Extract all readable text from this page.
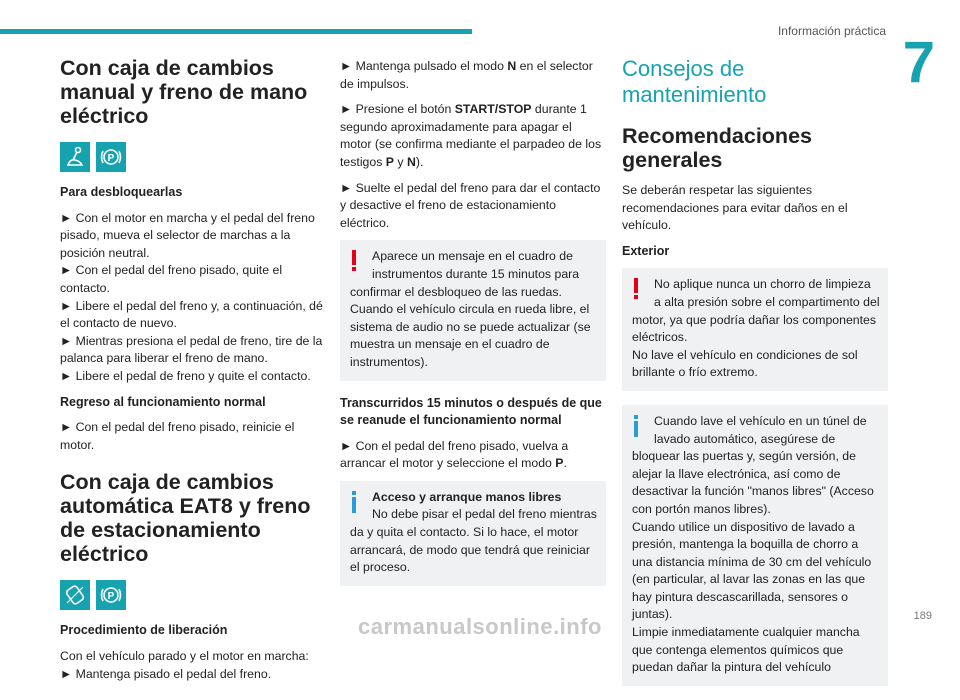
Información práctica 7
Con caja de cambios manual y freno de mano eléctrico
P
Para desbloquearlas

► Con el motor en marcha y el pedal del freno pisado, mueva el selector de marchas a la posición neutral.
► Con el pedal del freno pisado, quite el contacto.
► Libere el pedal del freno y, a continuación, dé el contacto de nuevo.
► Mientras presiona el pedal de freno, tire de la palanca para liberar el freno de mano.
► Libere el pedal de freno y quite el contacto.

Regreso al funcionamiento normal

► Con el pedal del freno pisado, reinicie el motor.

Con caja de cambios automática EAT8 y freno de estacionamiento eléctrico
P
Procedimiento de liberación

Con el vehículo parado y el motor en marcha:
► Mantenga pisado el pedal del freno.

► Mantenga pulsado el modo N en el selector de impulsos.

► Presione el botón START/STOP durante 1 segundo aproximadamente para apagar el motor (se confirma mediante el parpadeo de los testigos P y N).

► Suelte el pedal del freno para dar el contacto y desactive el freno de estacionamiento eléctrico.

Aparece un mensaje en el cuadro de instrumentos durante 15 minutos para
confirmar el desbloqueo de las ruedas.
Cuando el vehículo circula en rueda libre, el sistema de audio no se puede actualizar (se muestra un mensaje en el cuadro de instrumentos).
Transcurridos 15 minutos o después de que se reanude el funcionamiento normal

► Con el pedal del freno pisado, vuelva a arrancar el motor y seleccione el modo P.

Acceso y arranque manos libres
No debe pisar el pedal del freno mientras
da y quita el contacto. Si lo hace, el motor arrancará, de modo que tendrá que reiniciar el proceso.
Consejos de mantenimiento
Recomendaciones generales

Se deberán respetar las siguientes recomendaciones para evitar daños en el vehículo.

Exterior
No aplique nunca un chorro de limpieza a alta presión sobre el compartimento del
motor, ya que podría dañar los componentes eléctricos.
No lave el vehículo en condiciones de sol brillante o frío extremo.
Cuando lave el vehículo en un túnel de lavado automático, asegúrese de
bloquear las puertas y, según versión, de alejar la llave electrónica, así como de desactivar la función "manos libres" (Acceso con portón manos libres).
Cuando utilice un dispositivo de lavado a presión, mantenga la boquilla de chorro a una distancia mínima de 30 cm del vehículo (en particular, al lavar las zonas en las que hay pintura descascarillada, sensores o juntas).
Limpie inmediatamente cualquier mancha que contenga elementos químicos que puedan dañar la pintura del vehículo
189
carmanualsonline.info
